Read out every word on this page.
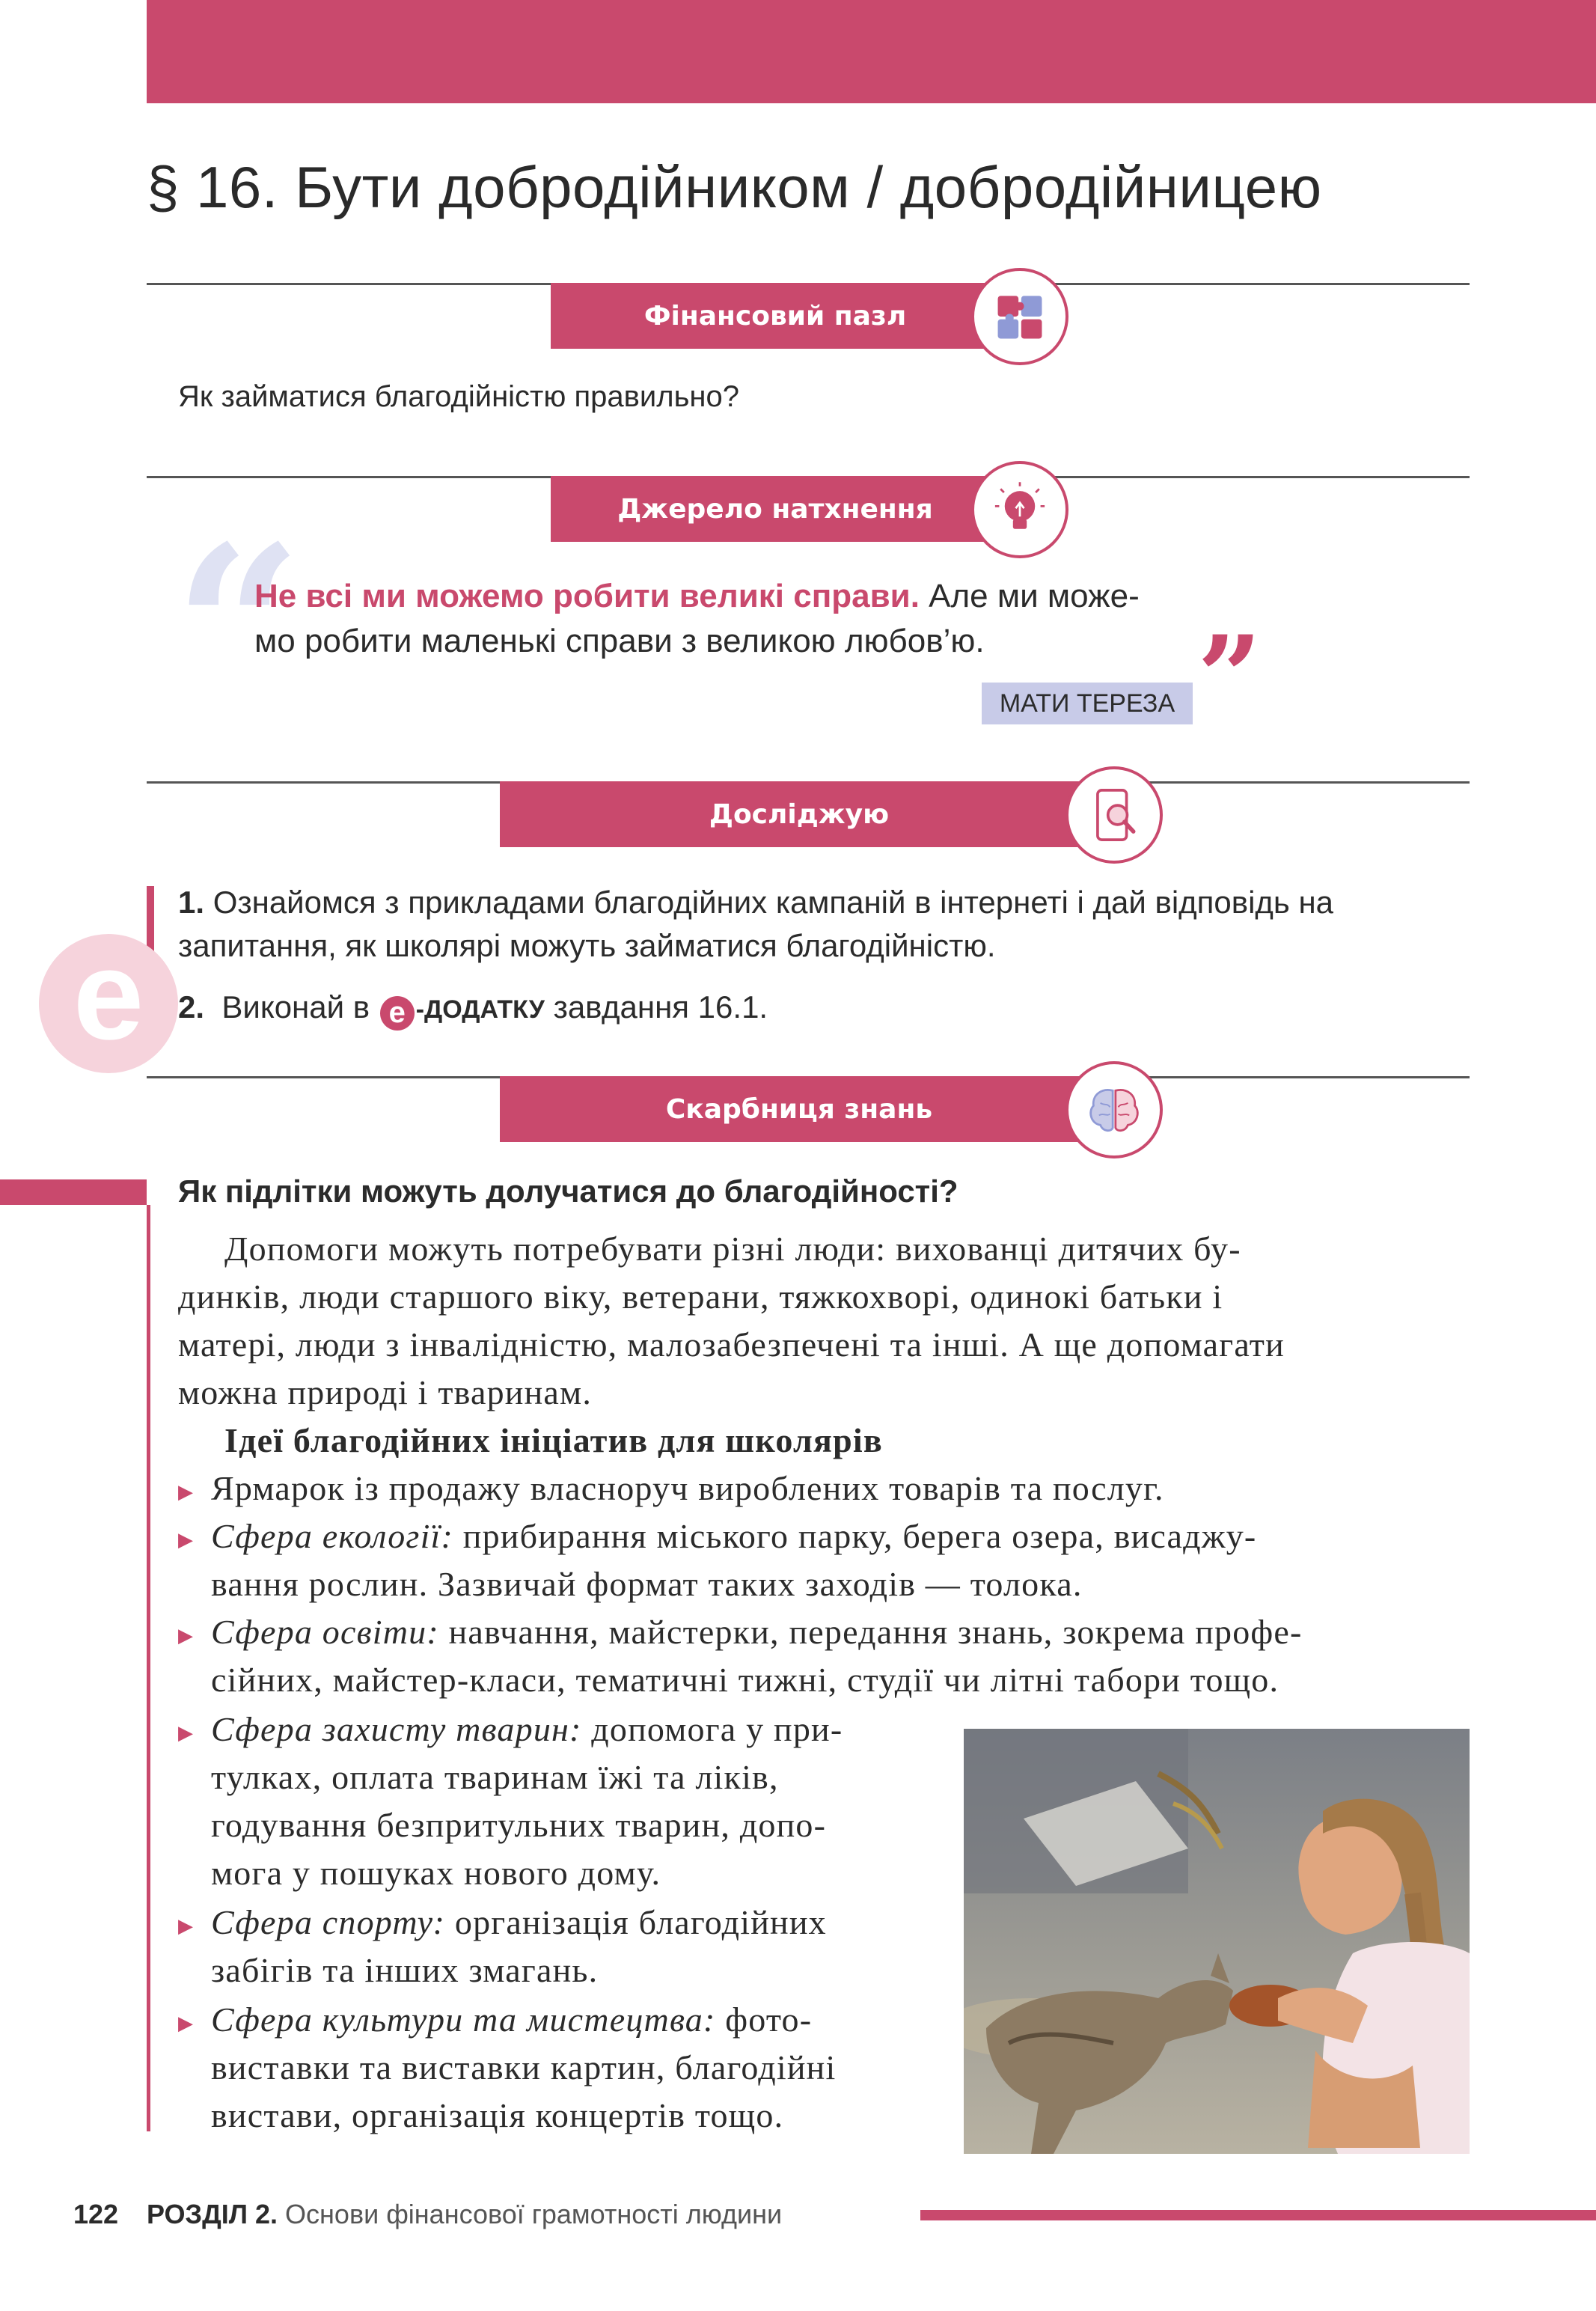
§ 16. Бути добродійником / добродійницею
Фінансовий пазл
Як займатися благодійністю правильно?
Джерело натхнення
“
Не всі ми можемо робити великі справи. Але ми може-
мо робити маленькі справи з великою любов’ю.
МАТИ ТЕРЕЗА ”
Досліджую
e
1. Ознайомся з прикладами благодійних кампаній в інтернеті і дай відповідь на
запитання, як школярі можуть займатися благодійністю.
2. Виконай в e -ДОДАТКУ завдання 16.1.
Скарбниця знань
Як підлітки можуть долучатися до благодійності?
Допомоги можуть потребувати різні люди: вихованці дитячих бу-
динків, люди старшого віку, ветерани, тяжкохворі, одинокі батьки і
матері, люди з інвалідністю, малозабезпечені та інші. А ще допомагати
можна природі і тваринам.
Ідеї благодійних ініціатив для школярів
▶ Ярмарок із продажу власноруч вироблених товарів та послуг.
▶ Сфера екології: прибирання міського парку, берега озера, висаджу-
вання рослин. Зазвичай формат таких заходів — толока.
▶ Сфера освіти: навчання, майстерки, передання знань, зокрема профе-
сійних, майстер-класи, тематичні тижні, студії чи літні табори тощо.
▶ Сфера захисту тварин: допомога у при-
тулках, оплата тваринам їжі та ліків,
годування безпритульних тварин, допо-
мога у пошуках нового дому.
▶ Сфера спорту: організація благодійних
забігів та інших змагань.
▶ Сфера культури та мистецтва: фото-
виставки та виставки картин, благодійні
вистави, організація концертів тощо.
122 РОЗДІЛ 2. Основи фінансової грамотності людини
